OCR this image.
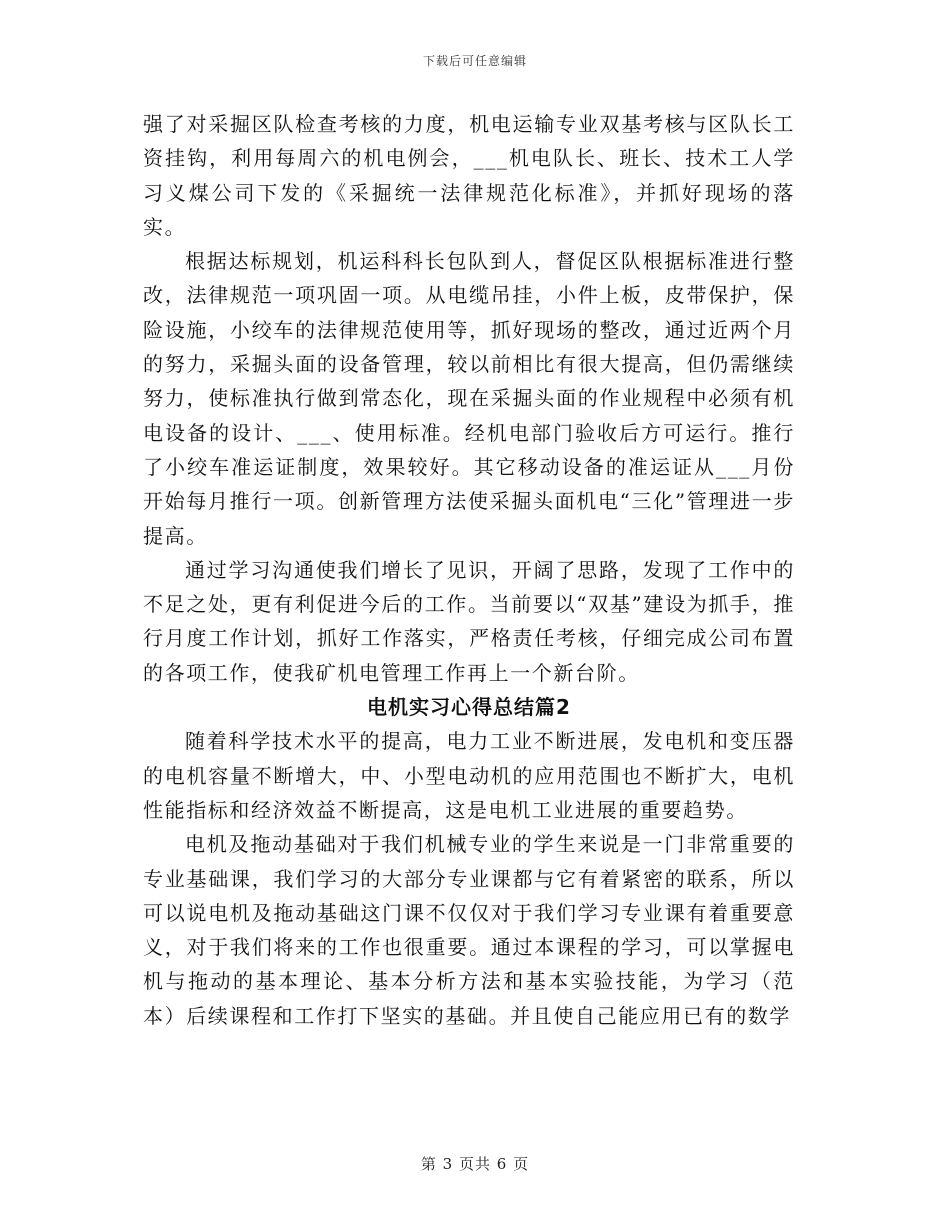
下载后可任意编辑

强了对采掘区队检查考核的力度，机电运输专业双基考核与区队长工资挂钩，利用每周六的机电例会，___机电队长、班长、技术工人学习义煤公司下发的《采掘统一法律规范化标准》，并抓好现场的落实。

根据达标规划，机运科科长包队到人，督促区队根据标准进行整改，法律规范一项巩固一项。从电缆吊挂，小件上板，皮带保护，保险设施，小绞车的法律规范使用等，抓好现场的整改，通过近两个月的努力，采掘头面的设备管理，较以前相比有很大提高，但仍需继续努力，使标准执行做到常态化，现在采掘头面的作业规程中必须有机电设备的设计、___、使用标准。经机电部门验收后方可运行。推行了小绞车准运证制度，效果较好。其它移动设备的准运证从___月份开始每月推行一项。创新管理方法使采掘头面机电“三化”管理进一步提高。

通过学习沟通使我们增长了见识，开阔了思路，发现了工作中的不足之处，更有利促进今后的工作。当前要以“双基”建设为抓手，推行月度工作计划，抓好工作落实，严格责任考核，仔细完成公司布置的各项工作，使我矿机电管理工作再上一个新台阶。

电机实习心得总结篇2

随着科学技术水平的提高，电力工业不断进展，发电机和变压器的电机容量不断增大，中、小型电动机的应用范围也不断扩大，电机性能指标和经济效益不断提高，这是电机工业进展的重要趋势。

电机及拖动基础对于我们机械专业的学生来说是一门非常重要的专业基础课，我们学习的大部分专业课都与它有着紧密的联系，所以可以说电机及拖动基础这门课不仅仅对于我们学习专业课有着重要意义，对于我们将来的工作也很重要。通过本课程的学习，可以掌握电机与拖动的基本理论、基本分析方法和基本实验技能，为学习（范本）后续课程和工作打下坚实的基础。并且使自己能应用已有的数学

第 3 页共 6 页
